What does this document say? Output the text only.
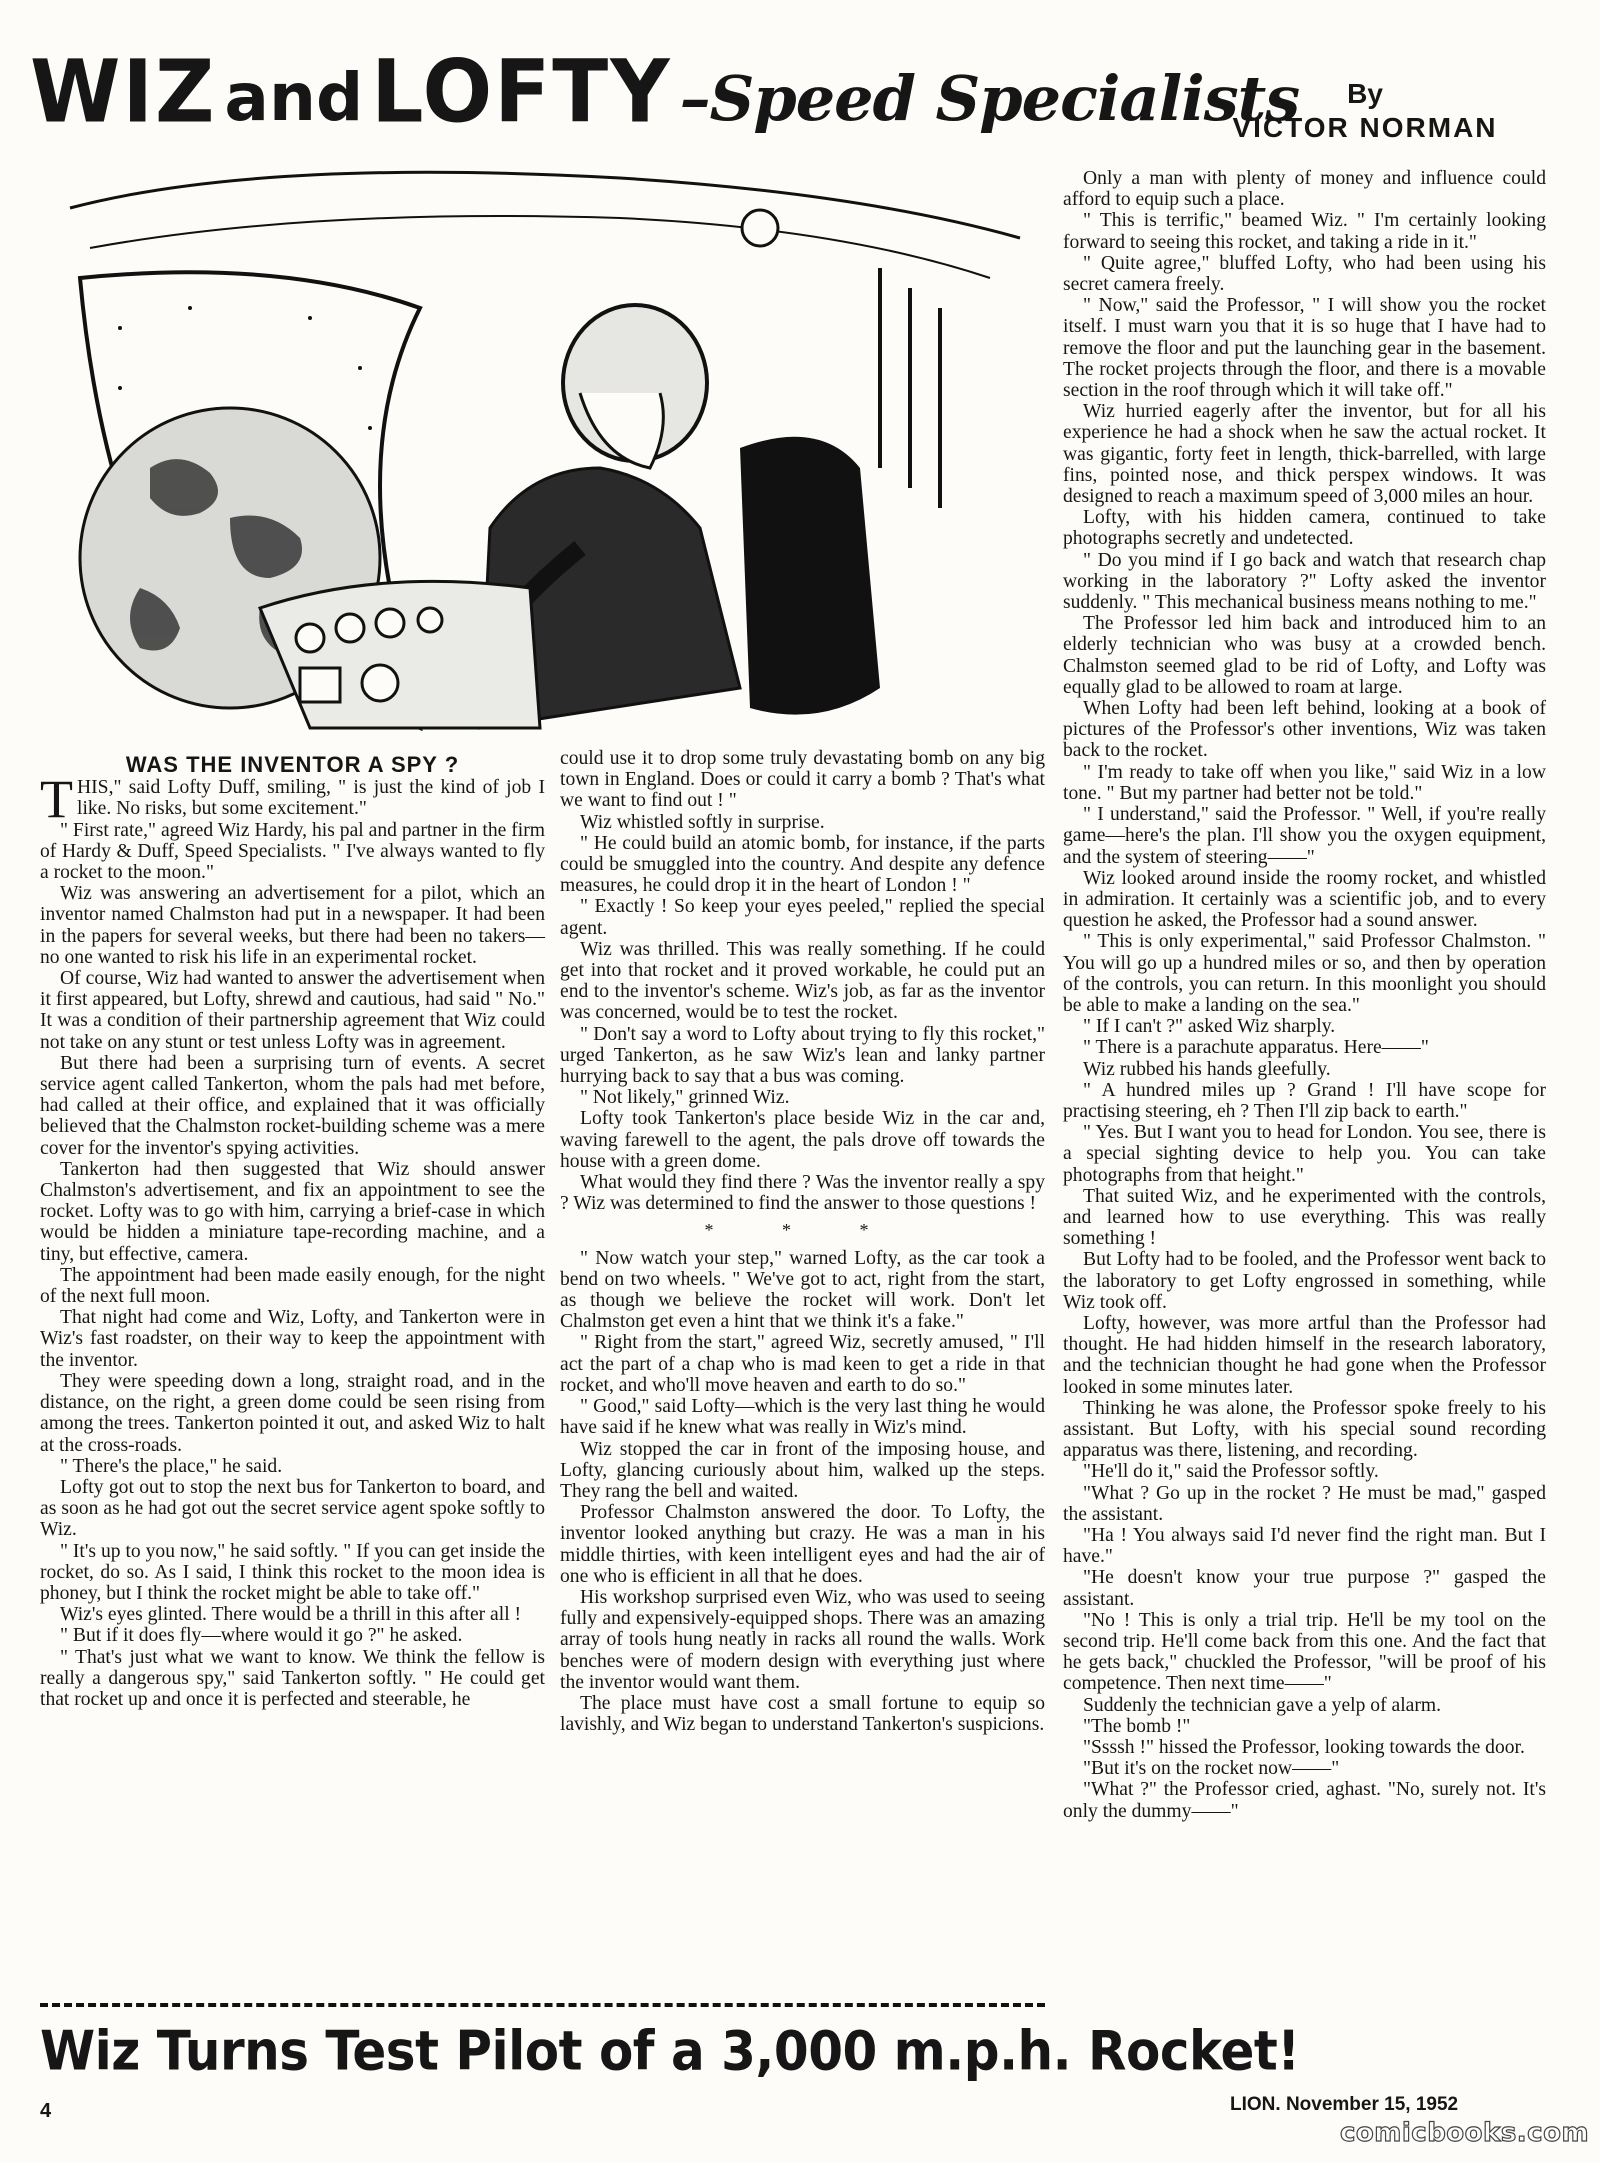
WIZ and LOFTY –Speed Specialists	By
VICTOR NORMAN
WAS THE INVENTOR A SPY ?
T HIS," said Lofty Duff, smiling, " is just the kind of job I like. No risks, but some excitement."

" First rate," agreed Wiz Hardy, his pal and partner in the firm of Hardy & Duff, Speed Specialists. " I've always wanted to fly a rocket to the moon."

Wiz was answering an advertisement for a pilot, which an inventor named Chalmston had put in a newspaper. It had been in the papers for several weeks, but there had been no takers—no one wanted to risk his life in an experimental rocket.

Of course, Wiz had wanted to answer the advertisement when it first appeared, but Lofty, shrewd and cautious, had said " No." It was a condition of their partnership agreement that Wiz could not take on any stunt or test unless Lofty was in agreement.

But there had been a surprising turn of events. A secret service agent called Tankerton, whom the pals had met before, had called at their office, and explained that it was officially believed that the Chalmston rocket-building scheme was a mere cover for the inventor's spying activities.

Tankerton had then suggested that Wiz should answer Chalmston's advertisement, and fix an appointment to see the rocket. Lofty was to go with him, carrying a brief-case in which would be hidden a miniature tape-recording machine, and a tiny, but effective, camera.

The appointment had been made easily enough, for the night of the next full moon.

That night had come and Wiz, Lofty, and Tankerton were in Wiz's fast roadster, on their way to keep the appointment with the inventor.

They were speeding down a long, straight road, and in the distance, on the right, a green dome could be seen rising from among the trees. Tankerton pointed it out, and asked Wiz to halt at the cross-roads.

" There's the place," he said.

Lofty got out to stop the next bus for Tankerton to board, and as soon as he had got out the secret service agent spoke softly to Wiz.

" It's up to you now," he said softly. " If you can get inside the rocket, do so. As I said, I think this rocket to the moon idea is phoney, but I think the rocket might be able to take off."

Wiz's eyes glinted. There would be a thrill in this after all !

" But if it does fly—where would it go ?" he asked.

" That's just what we want to know. We think the fellow is really a dangerous spy," said Tankerton softly. " He could get that rocket up and once it is perfected and steerable, he

could use it to drop some truly devastating bomb on any big town in England. Does or could it carry a bomb ? That's what we want to find out ! "

Wiz whistled softly in surprise.

" He could build an atomic bomb, for instance, if the parts could be smuggled into the country. And despite any defence measures, he could drop it in the heart of London ! "

" Exactly ! So keep your eyes peeled," replied the special agent.

Wiz was thrilled. This was really something. If he could get into that rocket and it proved workable, he could put an end to the inventor's scheme. Wiz's job, as far as the inventor was concerned, would be to test the rocket.

" Don't say a word to Lofty about trying to fly this rocket," urged Tankerton, as he saw Wiz's lean and lanky partner hurrying back to say that a bus was coming.

" Not likely," grinned Wiz.

Lofty took Tankerton's place beside Wiz in the car and, waving farewell to the agent, the pals drove off towards the house with a green dome.

What would they find there ? Was the inventor really a spy ? Wiz was determined to find the answer to those questions !

* * *

" Now watch your step," warned Lofty, as the car took a bend on two wheels. " We've got to act, right from the start, as though we believe the rocket will work. Don't let Chalmston get even a hint that we think it's a fake."

" Right from the start," agreed Wiz, secretly amused, " I'll act the part of a chap who is mad keen to get a ride in that rocket, and who'll move heaven and earth to do so."

" Good," said Lofty—which is the very last thing he would have said if he knew what was really in Wiz's mind.

Wiz stopped the car in front of the imposing house, and Lofty, glancing curiously about him, walked up the steps. They rang the bell and waited.

Professor Chalmston answered the door. To Lofty, the inventor looked anything but crazy. He was a man in his middle thirties, with keen intelligent eyes and had the air of one who is efficient in all that he does.

His workshop surprised even Wiz, who was used to seeing fully and expensively-equipped shops. There was an amazing array of tools hung neatly in racks all round the walls. Work benches were of modern design with everything just where the inventor would want them.

The place must have cost a small fortune to equip so lavishly, and Wiz began to understand Tankerton's suspicions.

Only a man with plenty of money and influence could afford to equip such a place.

" This is terrific," beamed Wiz. " I'm certainly looking forward to seeing this rocket, and taking a ride in it."

" Quite agree," bluffed Lofty, who had been using his secret camera freely.

" Now," said the Professor, " I will show you the rocket itself. I must warn you that it is so huge that I have had to remove the floor and put the launching gear in the basement. The rocket projects through the floor, and there is a movable section in the roof through which it will take off."

Wiz hurried eagerly after the inventor, but for all his experience he had a shock when he saw the actual rocket. It was gigantic, forty feet in length, thick-barrelled, with large fins, pointed nose, and thick perspex windows. It was designed to reach a maximum speed of 3,000 miles an hour.

Lofty, with his hidden camera, continued to take photographs secretly and undetected.

" Do you mind if I go back and watch that research chap working in the laboratory ?" Lofty asked the inventor suddenly. " This mechanical business means nothing to me."

The Professor led him back and introduced him to an elderly technician who was busy at a crowded bench. Chalmston seemed glad to be rid of Lofty, and Lofty was equally glad to be allowed to roam at large.

When Lofty had been left behind, looking at a book of pictures of the Professor's other inventions, Wiz was taken back to the rocket.

" I'm ready to take off when you like," said Wiz in a low tone. " But my partner had better not be told."

" I understand," said the Professor. " Well, if you're really game—here's the plan. I'll show you the oxygen equipment, and the system of steering——"

Wiz looked around inside the roomy rocket, and whistled in admiration. It certainly was a scientific job, and to every question he asked, the Professor had a sound answer.

" This is only experimental," said Professor Chalmston. " You will go up a hundred miles or so, and then by operation of the controls, you can return. In this moonlight you should be able to make a landing on the sea."

" If I can't ?" asked Wiz sharply.

" There is a parachute apparatus. Here——"

Wiz rubbed his hands gleefully.

" A hundred miles up ? Grand ! I'll have scope for practising steering, eh ? Then I'll zip back to earth."

" Yes. But I want you to head for London. You see, there is a special sighting device to help you. You can take photographs from that height."

That suited Wiz, and he experimented with the controls, and learned how to use everything. This was really something !

But Lofty had to be fooled, and the Professor went back to the laboratory to get Lofty engrossed in something, while Wiz took off.

Lofty, however, was more artful than the Professor had thought. He had hidden himself in the research laboratory, and the technician thought he had gone when the Professor looked in some minutes later.

Thinking he was alone, the Professor spoke freely to his assistant. But Lofty, with his special sound recording apparatus was there, listening, and recording.

"He'll do it," said the Professor softly.

"What ? Go up in the rocket ? He must be mad," gasped the assistant.

"Ha ! You always said I'd never find the right man. But I have."

"He doesn't know your true purpose ?" gasped the assistant.

"No ! This is only a trial trip. He'll be my tool on the second trip. He'll come back from this one. And the fact that he gets back," chuckled the Professor, "will be proof of his competence. Then next time——"

Suddenly the technician gave a yelp of alarm.

"The bomb !"

"Ssssh !" hissed the Professor, looking towards the door.

"But it's on the rocket now——"

"What ?" the Professor cried, aghast. "No, surely not. It's only the dummy——"

Wiz Turns Test Pilot of a 3,000 m.p.h. Rocket!
4	LION. November 15, 1952
comicbooks.com
